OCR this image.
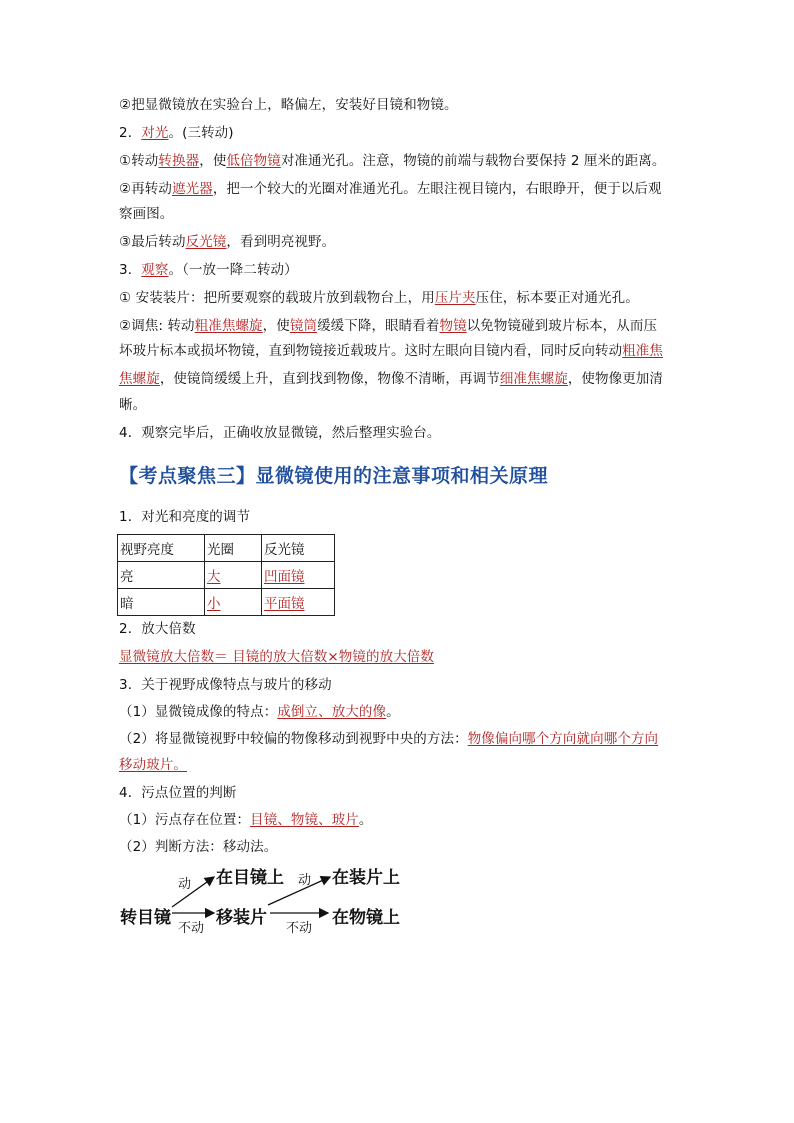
②把显微镜放在实验台上，略偏左，安装好目镜和物镜。
2．对光。(三转动)
①转动转换器，使低倍物镜对准通光孔。注意，物镜的前端与载物台要保持 2 厘米的距离。
②再转动遮光器，把一个较大的光圈对准通光孔。左眼注视目镜内，右眼睁开，便于以后观
察画图。
③最后转动反光镜，看到明亮视野。
3．观察。（一放一降二转动）
① 安装装片：把所要观察的载玻片放到载物台上，用压片夹压住，标本要正对通光孔。
②调焦: 转动粗准焦螺旋，使镜筒缓缓下降，眼睛看着物镜以免物镜碰到玻片标本，从而压
坏玻片标本或损坏物镜，直到物镜接近载玻片。这时左眼向目镜内看，同时反向转动粗准焦
焦螺旋，使镜筒缓缓上升，直到找到物像，物像不清晰，再调节细准焦螺旋，使物像更加清
晰。
4．观察完毕后，正确收放显微镜，然后整理实验台。
【考点聚焦三】显微镜使用的注意事项和相关原理
1．对光和亮度的调节
视野亮度	光圈	反光镜
亮	大	凹面镜
暗	小	平面镜
2．放大倍数
显微镜放大倍数＝ 目镜的放大倍数×物镜的放大倍数
3．关于视野成像特点与玻片的移动
（1）显微镜成像的特点：成倒立、放大的像。
（2）将显微镜视野中较偏的物像移动到视野中央的方法：物像偏向哪个方向就向哪个方向
移动玻片。
4．污点位置的判断
（1）污点存在位置：目镜、物镜、玻片。
（2）判断方法：移动法。
转目镜
在目镜上
移装片
在装片上
在物镜上
动
不动
动
不动
